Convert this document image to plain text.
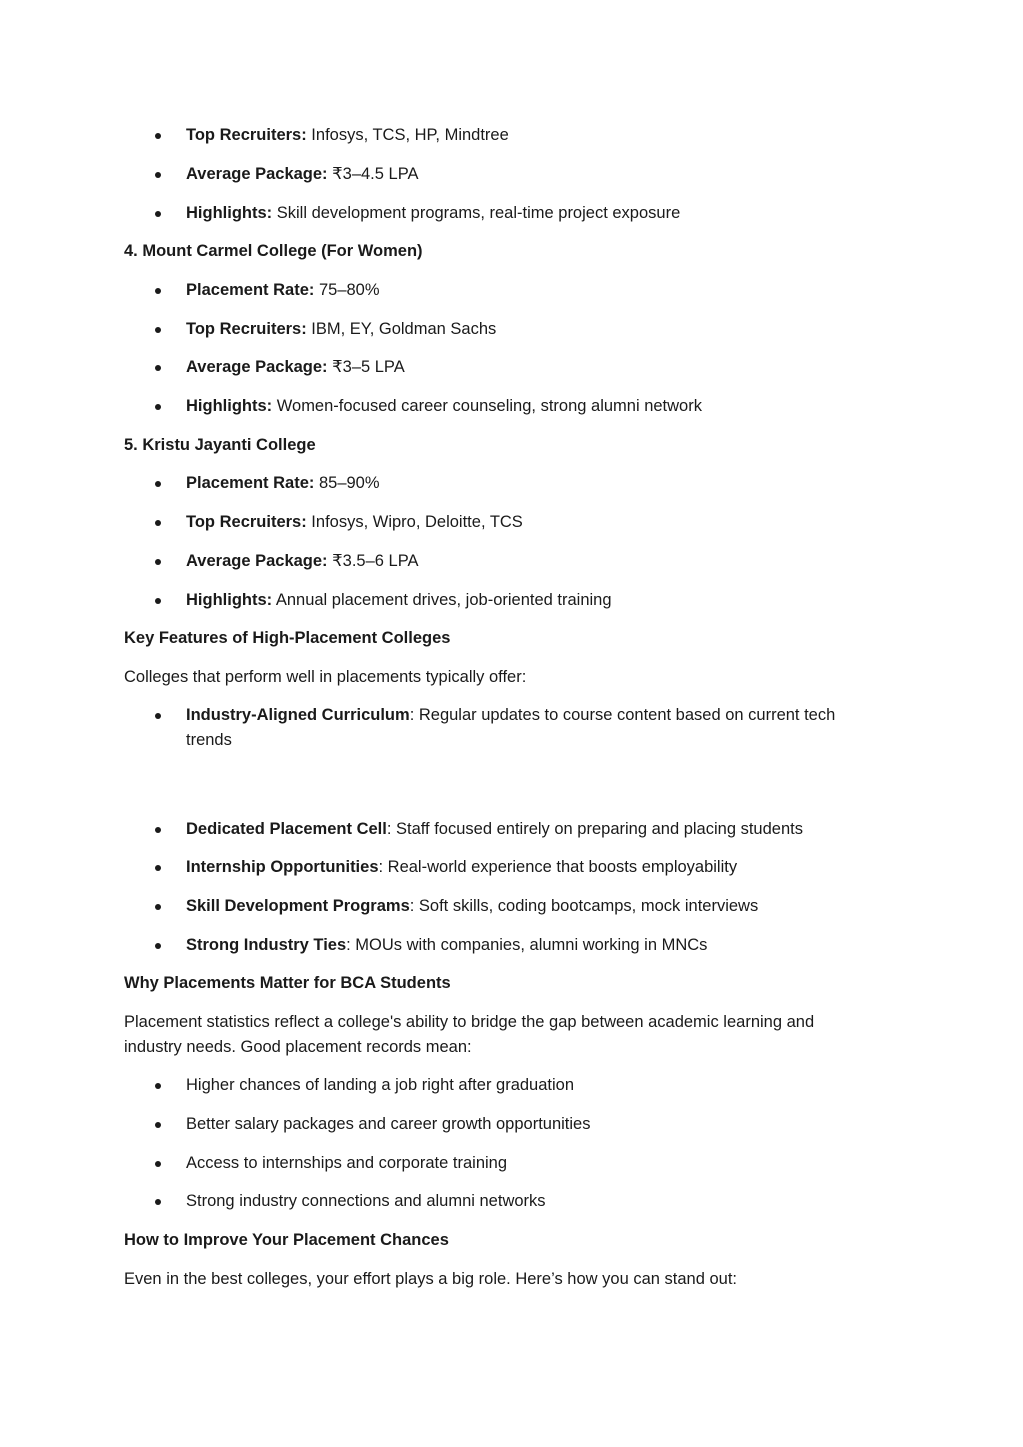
Top Recruiters: Infosys, TCS, HP, Mindtree
Average Package: ₹3–4.5 LPA
Highlights: Skill development programs, real-time project exposure
4. Mount Carmel College (For Women)
Placement Rate: 75–80%
Top Recruiters: IBM, EY, Goldman Sachs
Average Package: ₹3–5 LPA
Highlights: Women-focused career counseling, strong alumni network
5. Kristu Jayanti College
Placement Rate: 85–90%
Top Recruiters: Infosys, Wipro, Deloitte, TCS
Average Package: ₹3.5–6 LPA
Highlights: Annual placement drives, job-oriented training
Key Features of High-Placement Colleges
Colleges that perform well in placements typically offer:
Industry-Aligned Curriculum: Regular updates to course content based on current tech trends
Dedicated Placement Cell: Staff focused entirely on preparing and placing students
Internship Opportunities: Real-world experience that boosts employability
Skill Development Programs: Soft skills, coding bootcamps, mock interviews
Strong Industry Ties: MOUs with companies, alumni working in MNCs
Why Placements Matter for BCA Students
Placement statistics reflect a college's ability to bridge the gap between academic learning and
industry needs. Good placement records mean:
Higher chances of landing a job right after graduation
Better salary packages and career growth opportunities
Access to internships and corporate training
Strong industry connections and alumni networks
How to Improve Your Placement Chances
Even in the best colleges, your effort plays a big role. Here’s how you can stand out:
